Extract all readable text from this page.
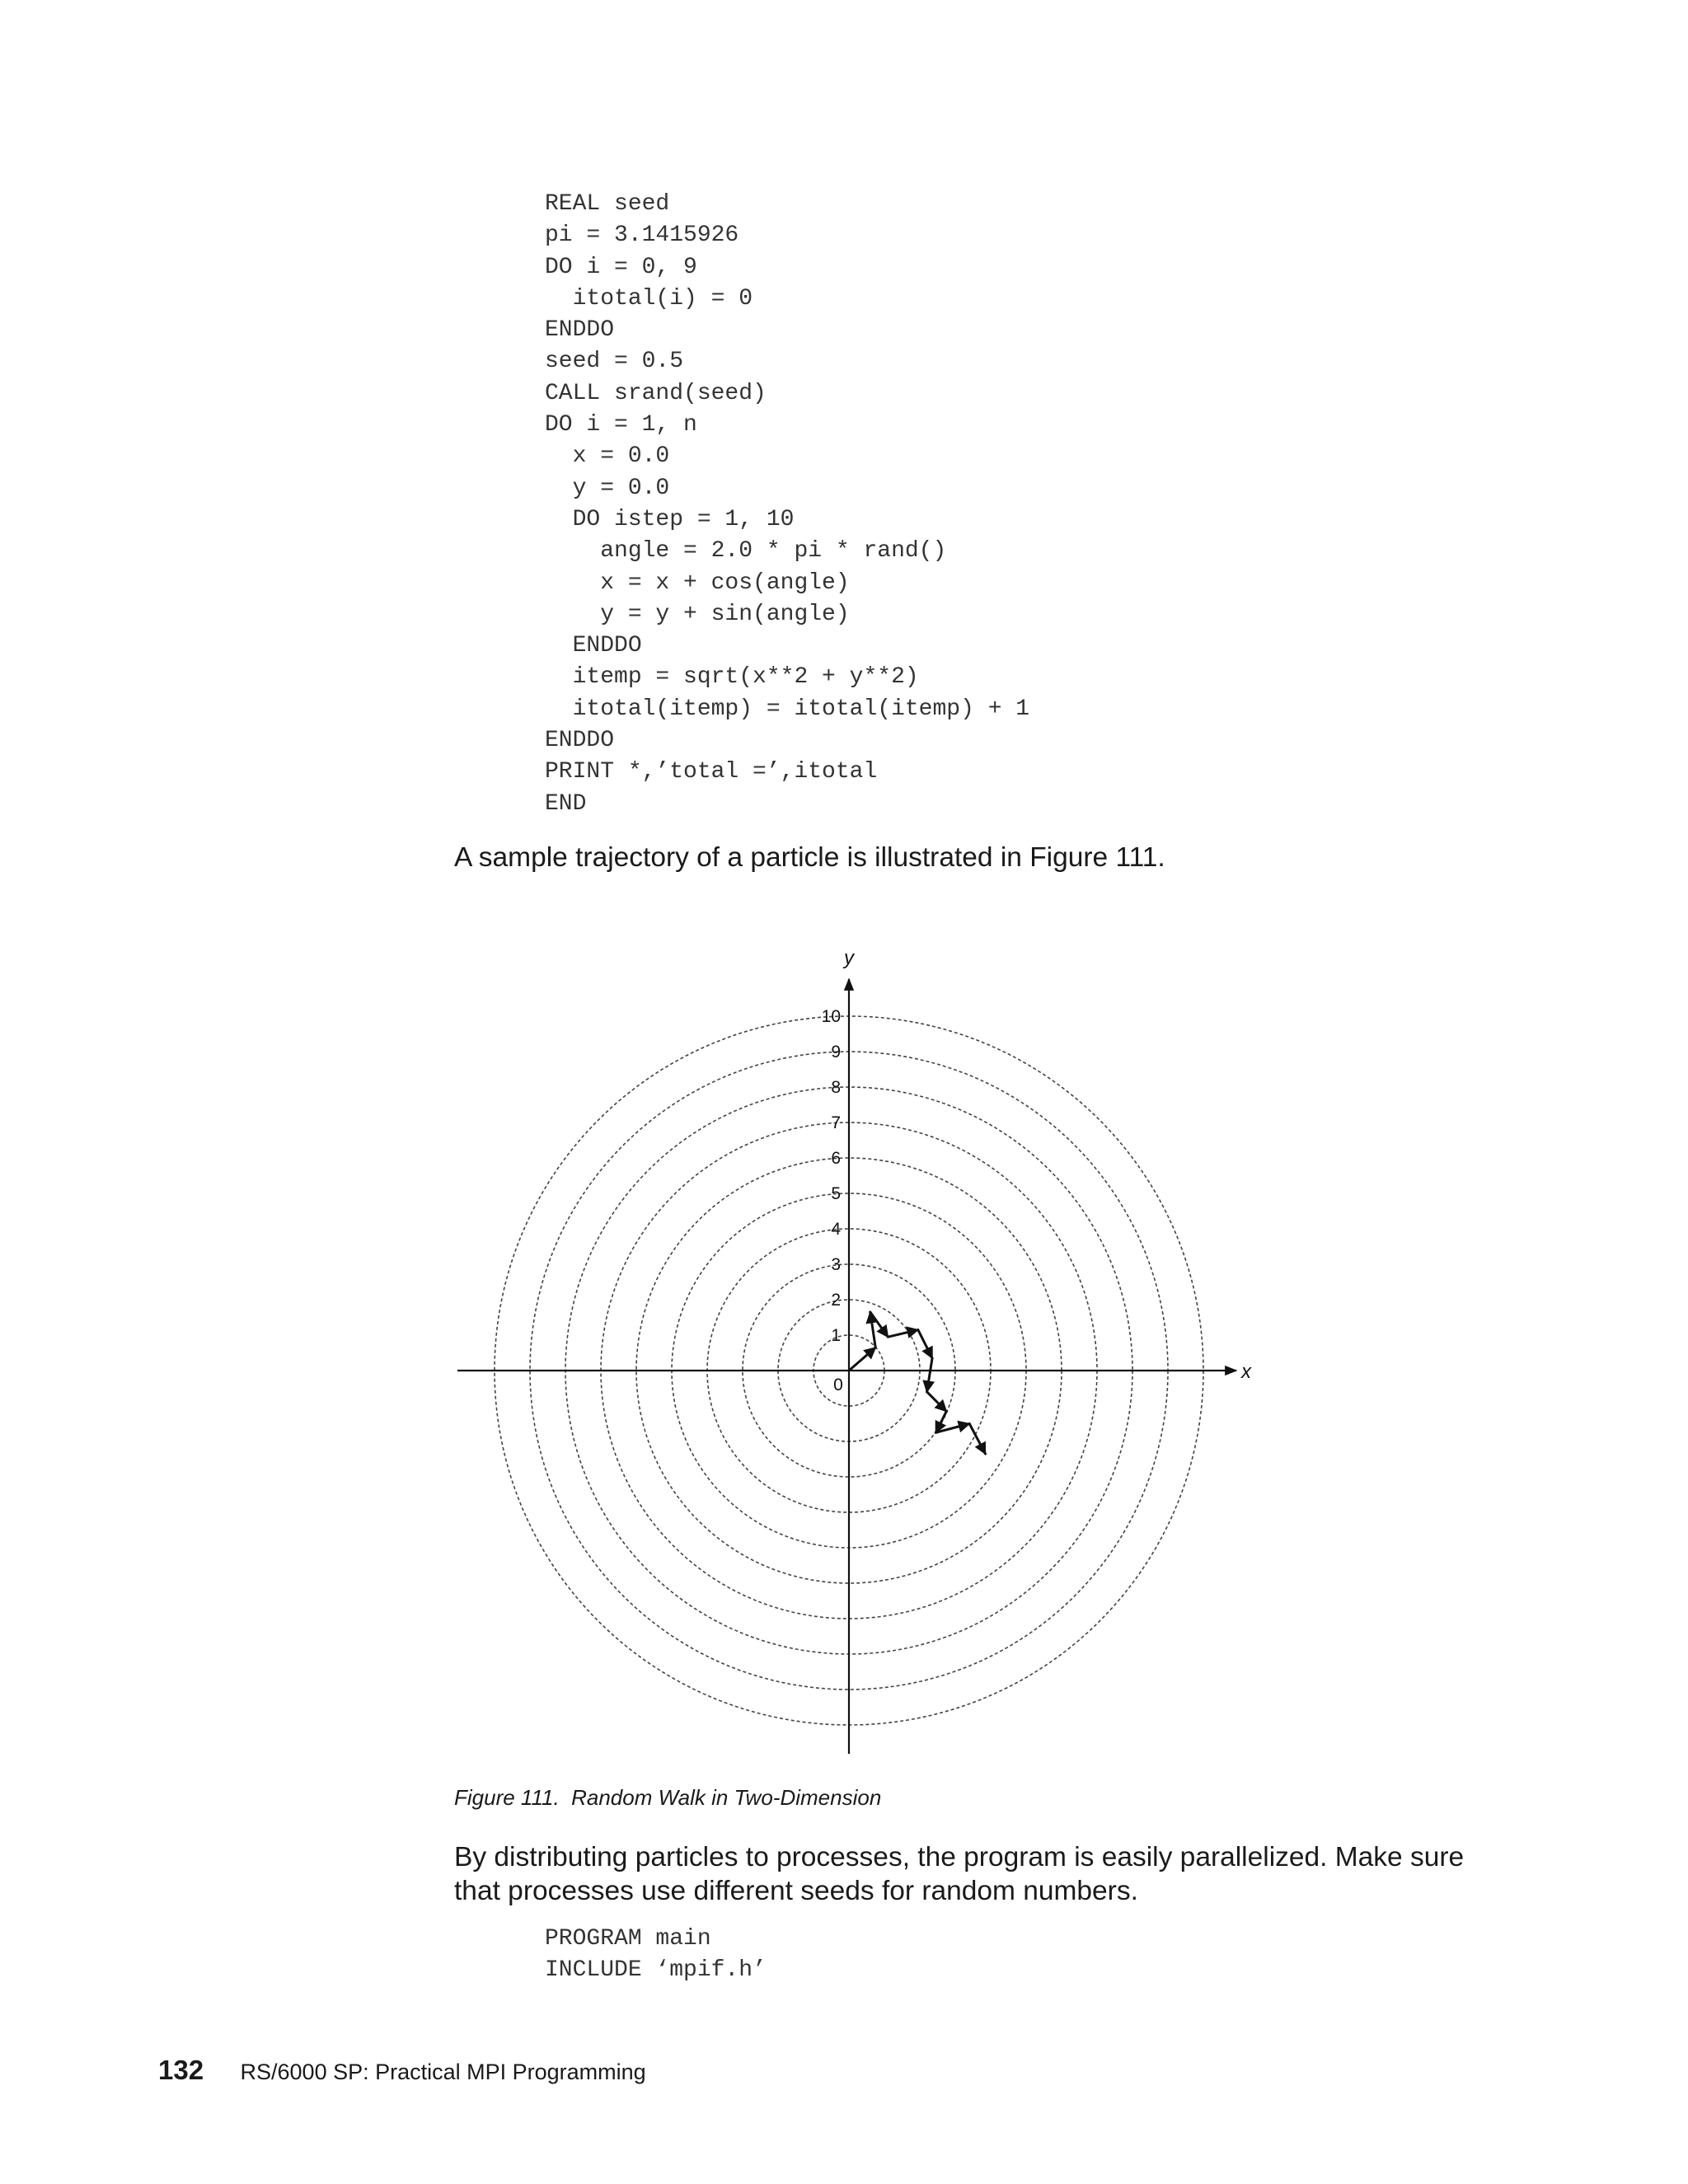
REAL seed
pi = 3.1415926
DO i = 0, 9
itotal(i) = 0
ENDDO
seed = 0.5
CALL srand(seed)
DO i = 1, n
x = 0.0
y = 0.0
DO istep = 1, 10
angle = 2.0 * pi * rand()
x = x + cos(angle)
y = y + sin(angle)
ENDDO
itemp = sqrt(x**2 + y**2)
itotal(itemp) = itotal(itemp) + 1
ENDDO
PRINT *,’total =’,itotal
END

A sample trajectory of a particle is illustrated in Figure 111.

x
y
0
1
2
3
4
5
6
7
8
9
10

Figure 111.  Random Walk in Two-Dimension

By distributing particles to processes, the program is easily parallelized. Make sure that processes use different seeds for random numbers.

PROGRAM main
INCLUDE ‘mpif.h’
132 RS/6000 SP: Practical MPI Programming
